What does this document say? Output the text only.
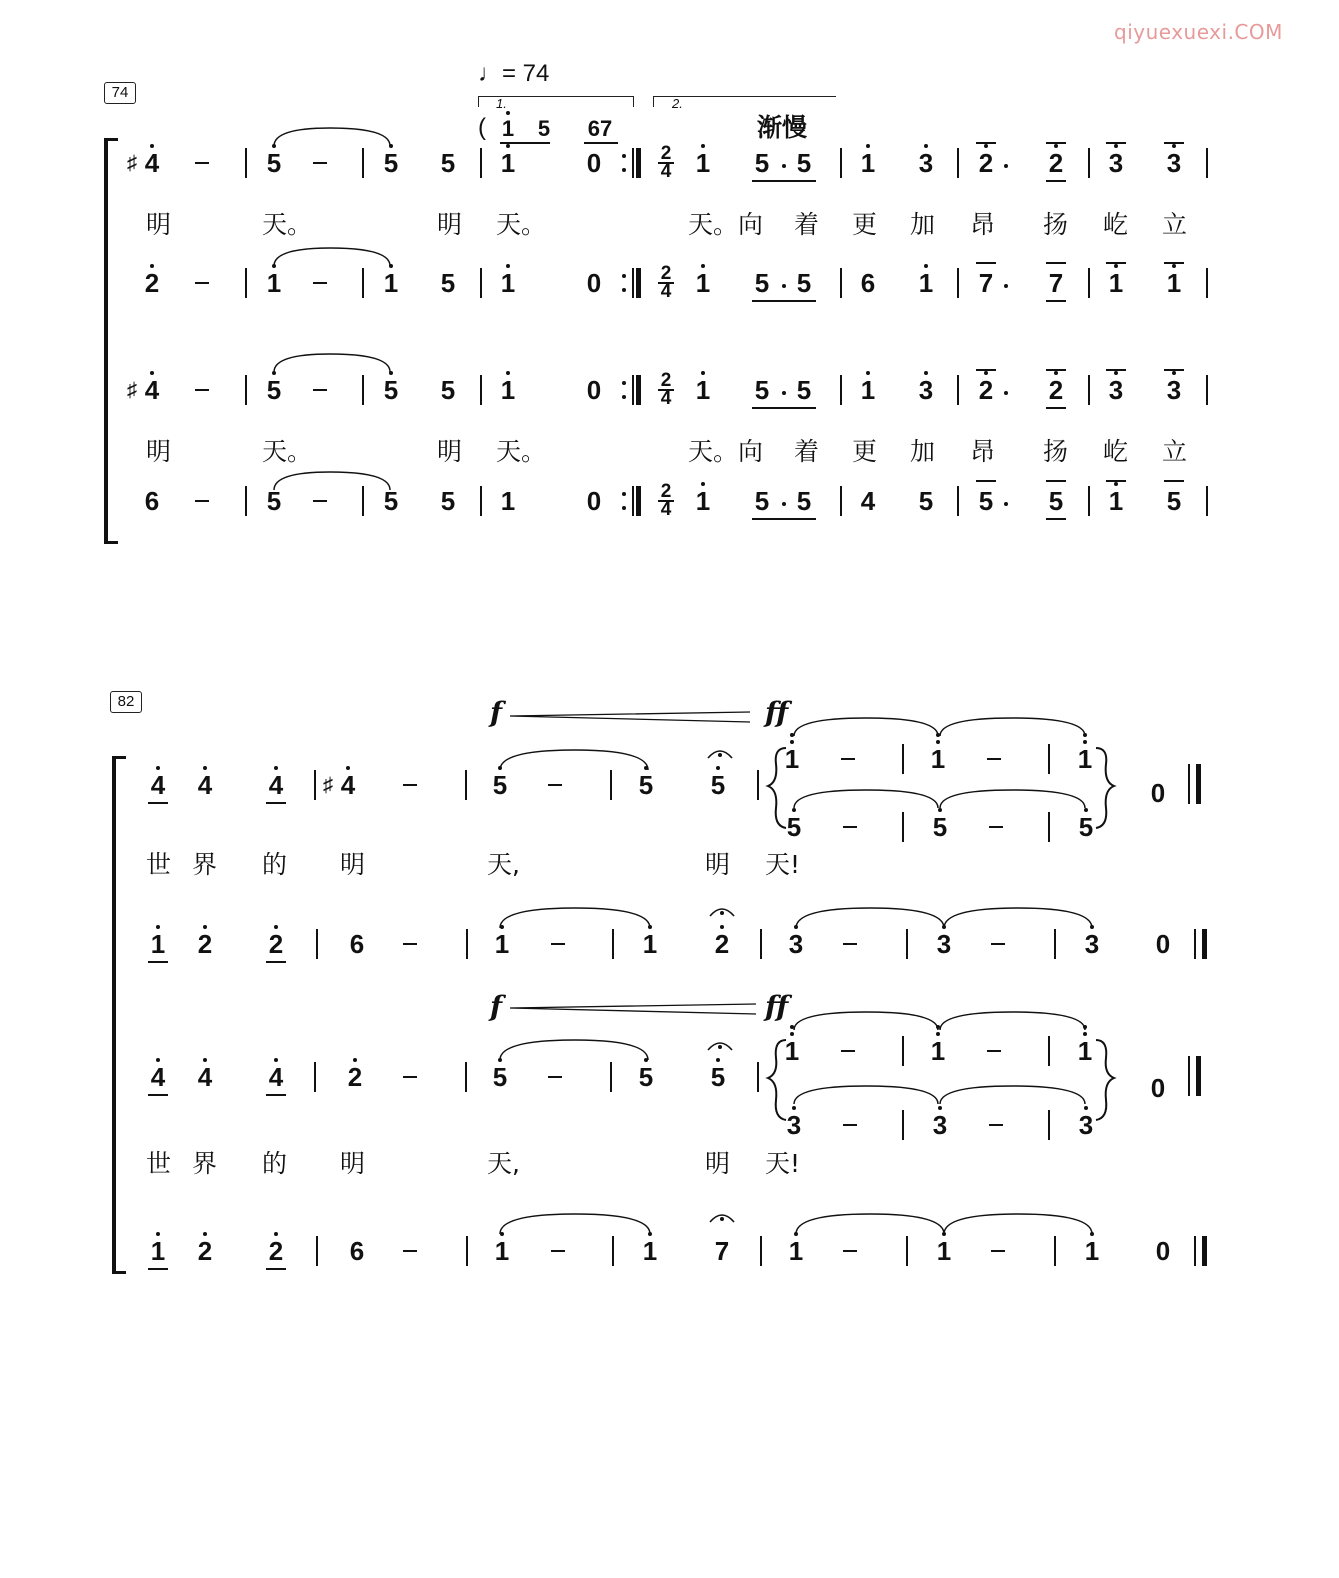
qiyuexuexi.COM
74
♩= 74
1.	2.
渐慢
( 1	5	67
4
♯	5	5	5	1	0	2
4 1	5	5	1	3	2	2	3	3
2	1	1	5	1	0	2
4 1	5	5	6	1	7	7	1	1
4
♯	5	5	5	1	0	2
4 1	5	5	1	3	2	2	3	3
6	5	5	5	1	0	2
4 1	5	5	4	5	5	5	1	5
明	天。	明 天。	天。向 着 更 加 昂 扬 屹 立
明	天。	明 天。	天。向 着 更 加 昂 扬 屹 立
82	f	ff
f	ff
4	4	4	4
♯	5	5	5
1	1	1
5	5	5
0
1	2	2	6	1	1	2	3	3	3	0
4	4	4	2	5	5	5
1	1	1
3	3	3
0
1	2	2	6	1	1	7	1	1	1	0
世 界 的 明	天,	明 天!
世 界 的 明	天,	明 天!
